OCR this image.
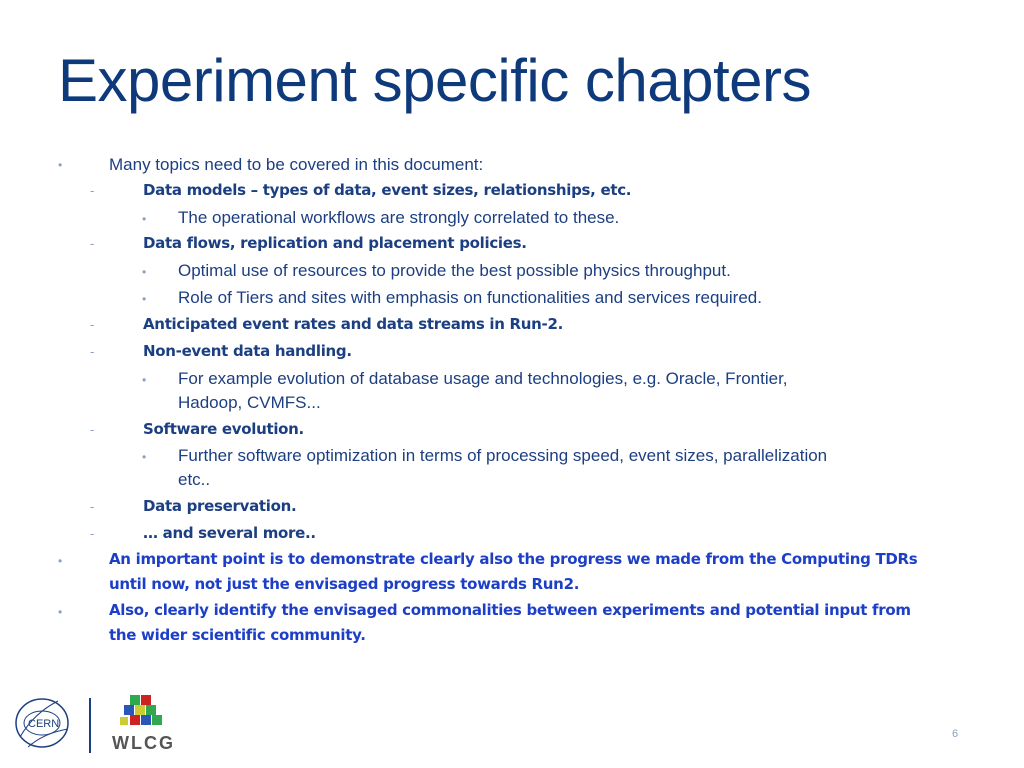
Experiment specific chapters
•	Many topics need to be covered in this document:
-	Data models – types of data, event sizes, relationships, etc.
• The operational workflows are strongly correlated to these.
-	Data flows, replication and placement policies.
• Optimal use of resources to provide the best possible physics throughput.
• Role of Tiers and sites with emphasis on functionalities and services required.
-	Anticipated event rates and data streams in Run-2.
-	Non-event data handling.
• For example evolution of database usage and technologies, e.g. Oracle, Frontier,
Hadoop, CVMFS...
-	Software evolution.
• Further software optimization in terms of processing speed, event sizes, parallelization
etc..
-	Data preservation.
-	… and several more..
•	An important point is to demonstrate clearly also the progress we made from the Computing TDRs
until now, not just the envisaged progress towards Run2.
•	Also, clearly identify the envisaged commonalities between experiments and potential input from
the wider scientific community.
CERN
WLCG	6
